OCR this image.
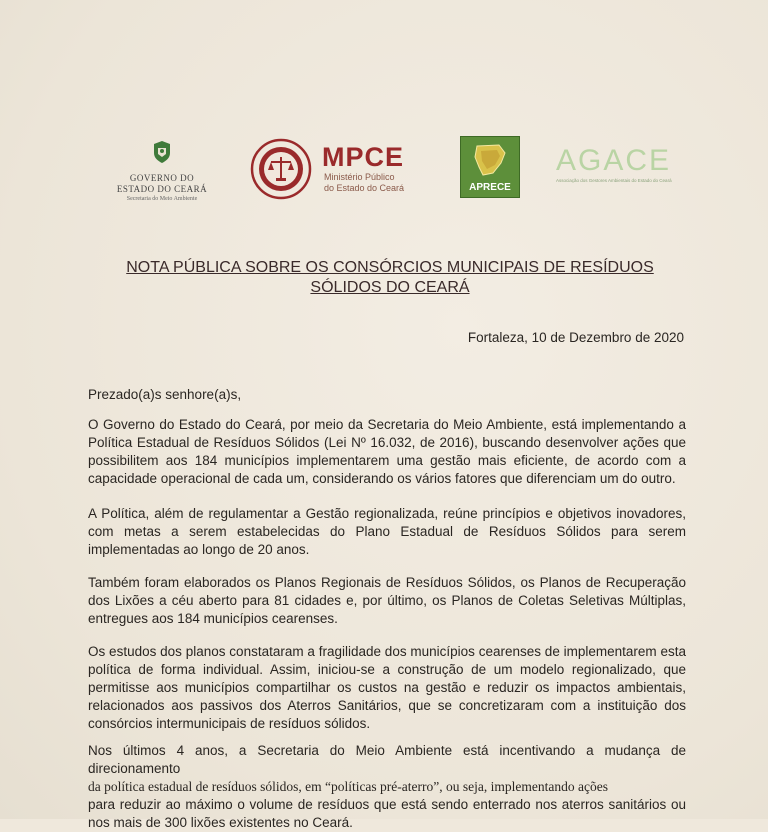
GOVERNO DO
ESTADO DO CEARÁ
Secretaria do Meio Ambiente
MPCE
Ministério Público
do Estado do Ceará	APRECE
AGACE
Associação dos Gestores Ambientais do Estado do Ceará
NOTA PÚBLICA SOBRE OS CONSÓRCIOS MUNICIPAIS DE RESÍDUOS
SÓLIDOS DO CEARÁ
Fortaleza, 10 de Dezembro de 2020
Prezado(a)s senhore(a)s,
O Governo do Estado do Ceará, por meio da Secretaria do Meio Ambiente, está implementando a Política Estadual de Resíduos Sólidos (Lei Nº 16.032, de 2016), buscando desenvolver ações que possibilitem aos 184 municípios implementarem uma gestão mais eficiente, de acordo com a capacidade operacional de cada um, considerando os vários fatores que diferenciam um do outro.
A Política, além de regulamentar a Gestão regionalizada, reúne princípios e objetivos inovadores, com metas a serem estabelecidas do Plano Estadual de Resíduos Sólidos para serem implementadas ao longo de 20 anos.
Também foram elaborados os Planos Regionais de Resíduos Sólidos, os Planos de Recuperação dos Lixões a céu aberto para 81 cidades e, por último, os Planos de Coletas Seletivas Múltiplas, entregues aos 184 municípios cearenses.
Os estudos dos planos constataram a fragilidade dos municípios cearenses de implementarem esta política de forma individual. Assim, iniciou-se a construção de um modelo regionalizado, que permitisse aos municípios compartilhar os custos na gestão e reduzir os impactos ambientais, relacionados aos passivos dos Aterros Sanitários, que se concretizaram com a instituição dos consórcios intermunicipais de resíduos sólidos.
Nos últimos 4 anos, a Secretaria do Meio Ambiente está incentivando a mudança de direcionamento
da política estadual de resíduos sólidos, em “políticas pré-aterro”, ou seja, implementando ações
para reduzir ao máximo o volume de resíduos que está sendo enterrado nos aterros sanitários ou nos mais de 300 lixões existentes no Ceará.
